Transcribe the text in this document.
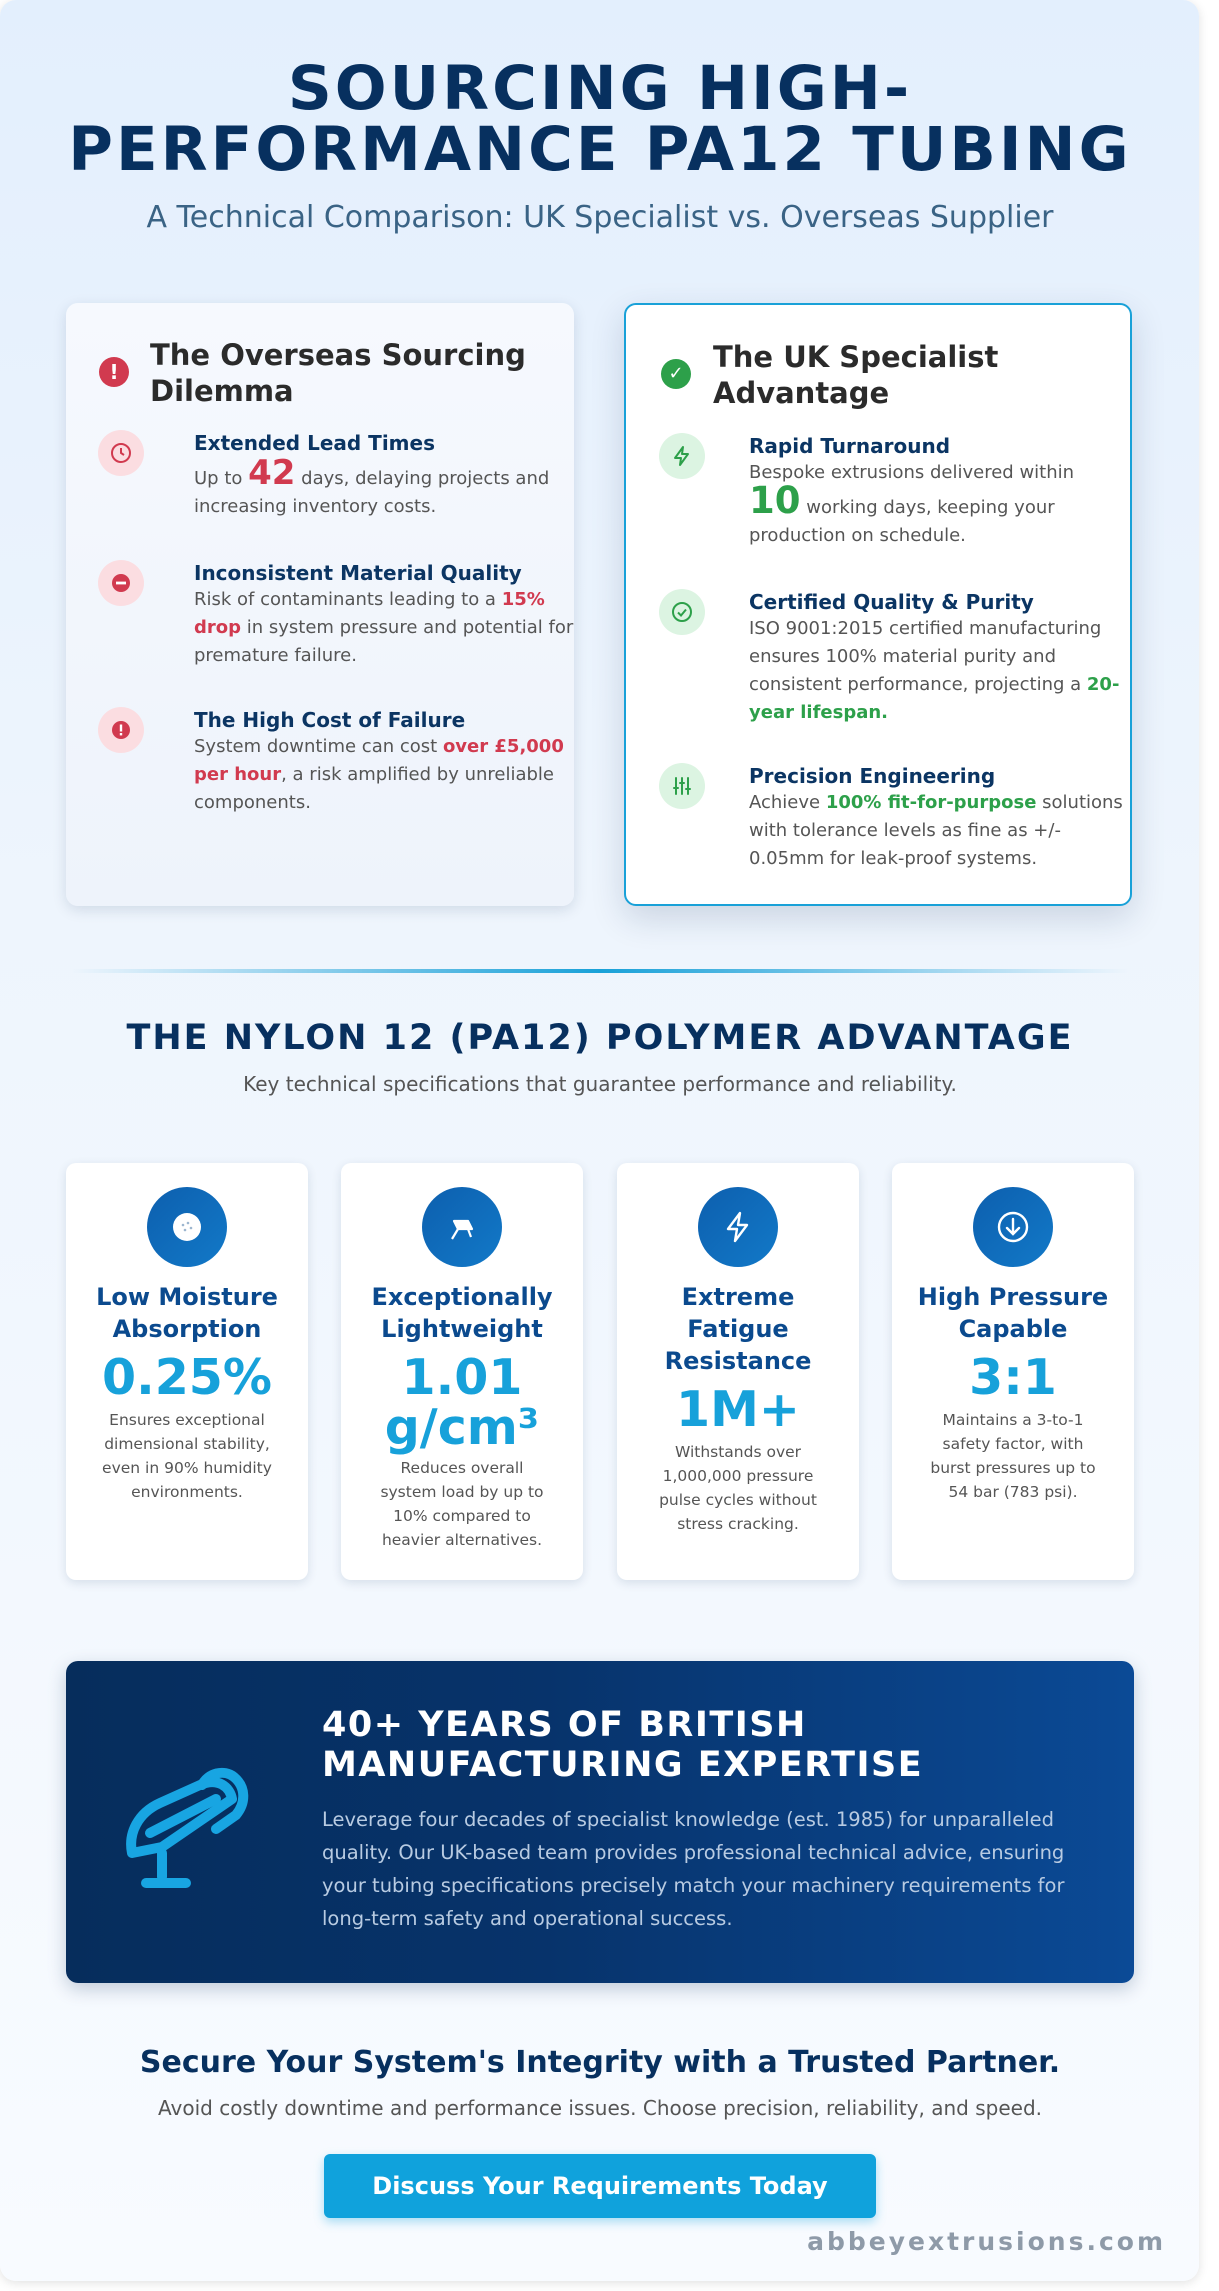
SOURCING HIGH-
PERFORMANCE PA12 TUBING
A Technical Comparison: UK Specialist vs. Overseas Supplier
!	The Overseas Sourcing Dilemma
Extended Lead Times

Up to 42 days, delaying projects and increasing inventory costs.

Inconsistent Material Quality

Risk of contaminants leading to a 15% drop in system pressure and potential for premature failure.

The High Cost of Failure

System downtime can cost over £5,000 per hour, a risk amplified by unreliable components.

✓ The UK Specialist Advantage
Rapid Turnaround

Bespoke extrusions delivered within 10 working days, keeping your production on schedule.

Certified Quality & Purity

ISO 9001:2015 certified manufacturing ensures 100% material purity and consistent performance, projecting a 20-year lifespan.

Precision Engineering

Achieve 100% fit-for-purpose solutions with tolerance levels as fine as +/- 0.05mm for leak-proof systems.

THE NYLON 12 (PA12) POLYMER ADVANTAGE
Key technical specifications that guarantee performance and reliability.
Low Moisture Absorption
0.25%
Ensures exceptional dimensional stability, even in 90% humidity environments.
Exceptionally Lightweight
1.01 g/cm³
Reduces overall system load by up to 10% compared to heavier alternatives.
Extreme Fatigue Resistance
1M+
Withstands over 1,000,000 pressure pulse cycles without stress cracking.
High Pressure Capable
3:1
Maintains a 3-to-1 safety factor, with burst pressures up to 54 bar (783 psi).
40+ YEARS OF BRITISH MANUFACTURING EXPERTISE

Leverage four decades of specialist knowledge (est. 1985) for unparalleled quality. Our UK-based team provides professional technical advice, ensuring your tubing specifications precisely match your machinery requirements for long-term safety and operational success.

Secure Your System's Integrity with a Trusted Partner.
Avoid costly downtime and performance issues. Choose precision, reliability, and speed.
Discuss Your Requirements Today
abbeyextrusions.com
